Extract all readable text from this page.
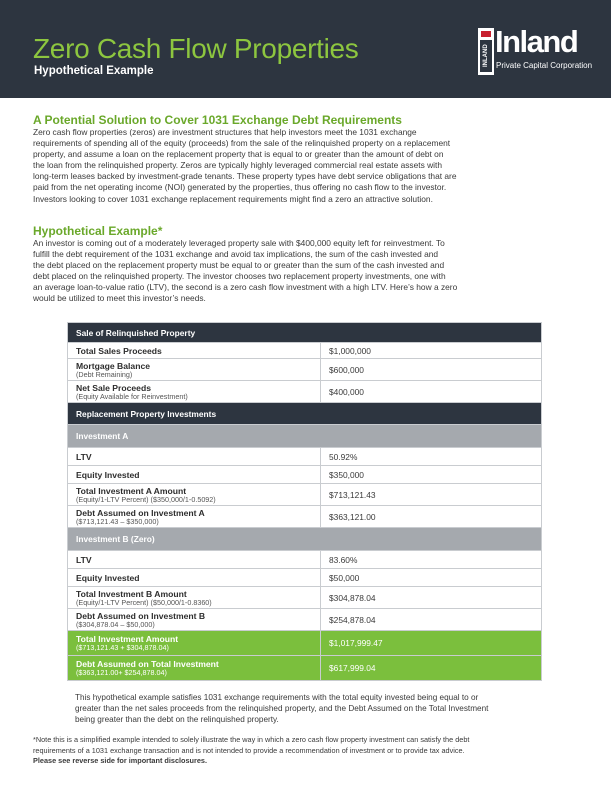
Zero Cash Flow Properties
Hypothetical Example
INLAND Inland
Private Capital Corporation
A Potential Solution to Cover 1031 Exchange Debt Requirements
Zero cash flow properties (zeros) are investment structures that help investors meet the 1031 exchange
requirements of spending all of the equity (proceeds) from the sale of the relinquished property on a replacement
property, and assume a loan on the replacement property that is equal to or greater than the amount of debt on
the loan from the relinquished property. Zeros are typically highly leveraged commercial real estate assets with
long-term leases backed by investment-grade tenants. These property types have debt service obligations that are
paid from the net operating income (NOI) generated by the properties, thus offering no cash flow to the investor.
Investors looking to cover 1031 exchange replacement requirements might find a zero an attractive solution.
Hypothetical Example*
An investor is coming out of a moderately leveraged property sale with $400,000 equity left for reinvestment. To
fulfill the debt requirement of the 1031 exchange and avoid tax implications, the sum of the cash invested and
the debt placed on the replacement property must be equal to or greater than the sum of the cash invested and
debt placed on the relinquished property. The investor chooses two replacement property investments, one with
an average loan-to-value ratio (LTV), the second is a zero cash flow investment with a high LTV. Here’s how a zero
would be utilized to meet this investor’s needs.
Sale of Relinquished Property	
Total Sales Proceeds	$1,000,000
Mortgage Balance
(Debt Remaining)	$600,000
Net Sale Proceeds
(Equity Available for Reinvestment)	$400,000
Replacement Property Investments	
Investment A	
LTV	50.92%
Equity Invested	$350,000
Total Investment A Amount
(Equity/1-LTV Percent) ($350,000/1-0.5092)	$713,121.43
Debt Assumed on Investment A
($713,121.43 – $350,000)	$363,121.00
Investment B (Zero)	
LTV	83.60%
Equity Invested	$50,000
Total Investment B Amount
(Equity/1-LTV Percent) ($50,000/1-0.8360)	$304,878.04
Debt Assumed on Investment B
($304,878.04 – $50,000)	$254,878.04
Total Investment Amount
($713,121.43 + $304,878.04)	$1,017,999.47
Debt Assumed on Total Investment
($363,121.00+ $254,878.04)	$617,999.04
This hypothetical example satisfies 1031 exchange requirements with the total equity invested being equal to or
greater than the net sales proceeds from the relinquished property, and the Debt Assumed on the Total Investment
being greater than the debt on the relinquished property.
*Note this is a simplified example intended to solely illustrate the way in which a zero cash flow property investment can satisfy the debt
requirements of a 1031 exchange transaction and is not intended to provide a recommendation of investment or to provide tax advice.
Please see reverse side for important disclosures.
